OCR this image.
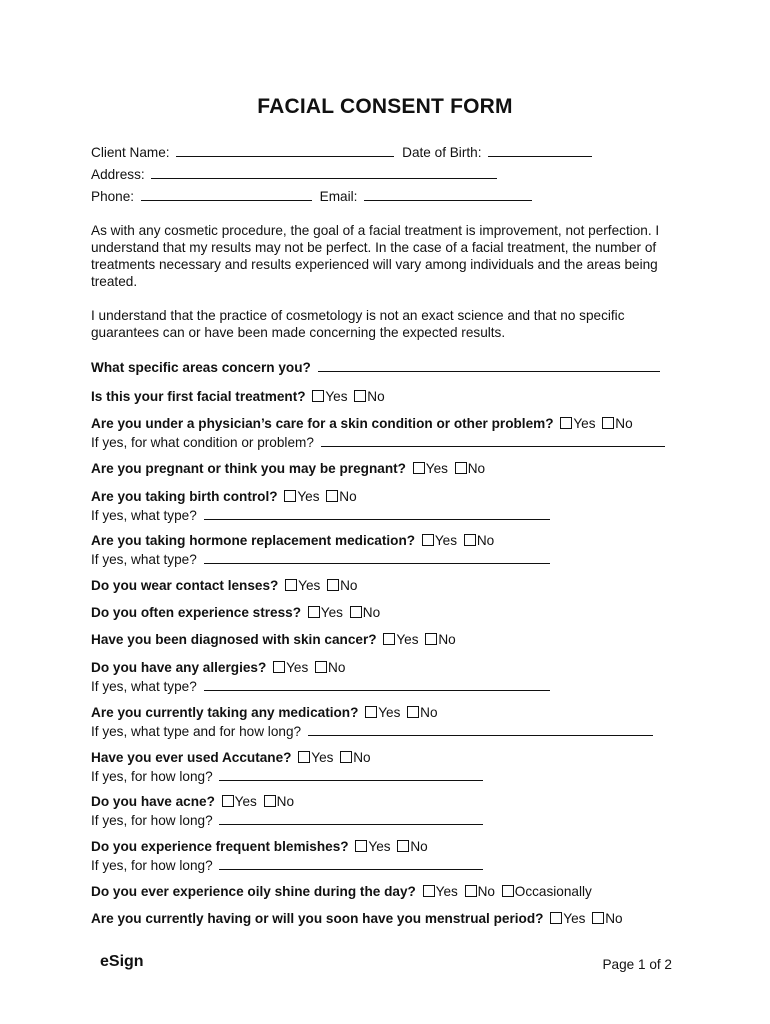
FACIAL CONSENT FORM
Client Name:	Date of Birth:
Address:
Phone:	Email:
As with any cosmetic procedure, the goal of a facial treatment is improvement, not perfection. I understand that my results may not be perfect. In the case of a facial treatment, the number of treatments necessary and results experienced will vary among individuals and the areas being treated.
I understand that the practice of cosmetology is not an exact science and that no specific guarantees can or have been made concerning the expected results.
What specific areas concern you?
Is this your first facial treatment? Yes No
Are you under a physician’s care for a skin condition or other problem? Yes No
If yes, for what condition or problem?
Are you pregnant or think you may be pregnant? Yes No
Are you taking birth control? Yes No
If yes, what type?
Are you taking hormone replacement medication? Yes No
If yes, what type?
Do you wear contact lenses? Yes No
Do you often experience stress? Yes No
Have you been diagnosed with skin cancer? Yes No
Do you have any allergies? Yes No
If yes, what type?
Are you currently taking any medication? Yes No
If yes, what type and for how long?
Have you ever used Accutane? Yes No
If yes, for how long?
Do you have acne? Yes No
If yes, for how long?
Do you experience frequent blemishes? Yes No
If yes, for how long?
Do you ever experience oily shine during the day? Yes No Occasionally
Are you currently having or will you soon have you menstrual period? Yes No
eSign	Page 1 of 2
